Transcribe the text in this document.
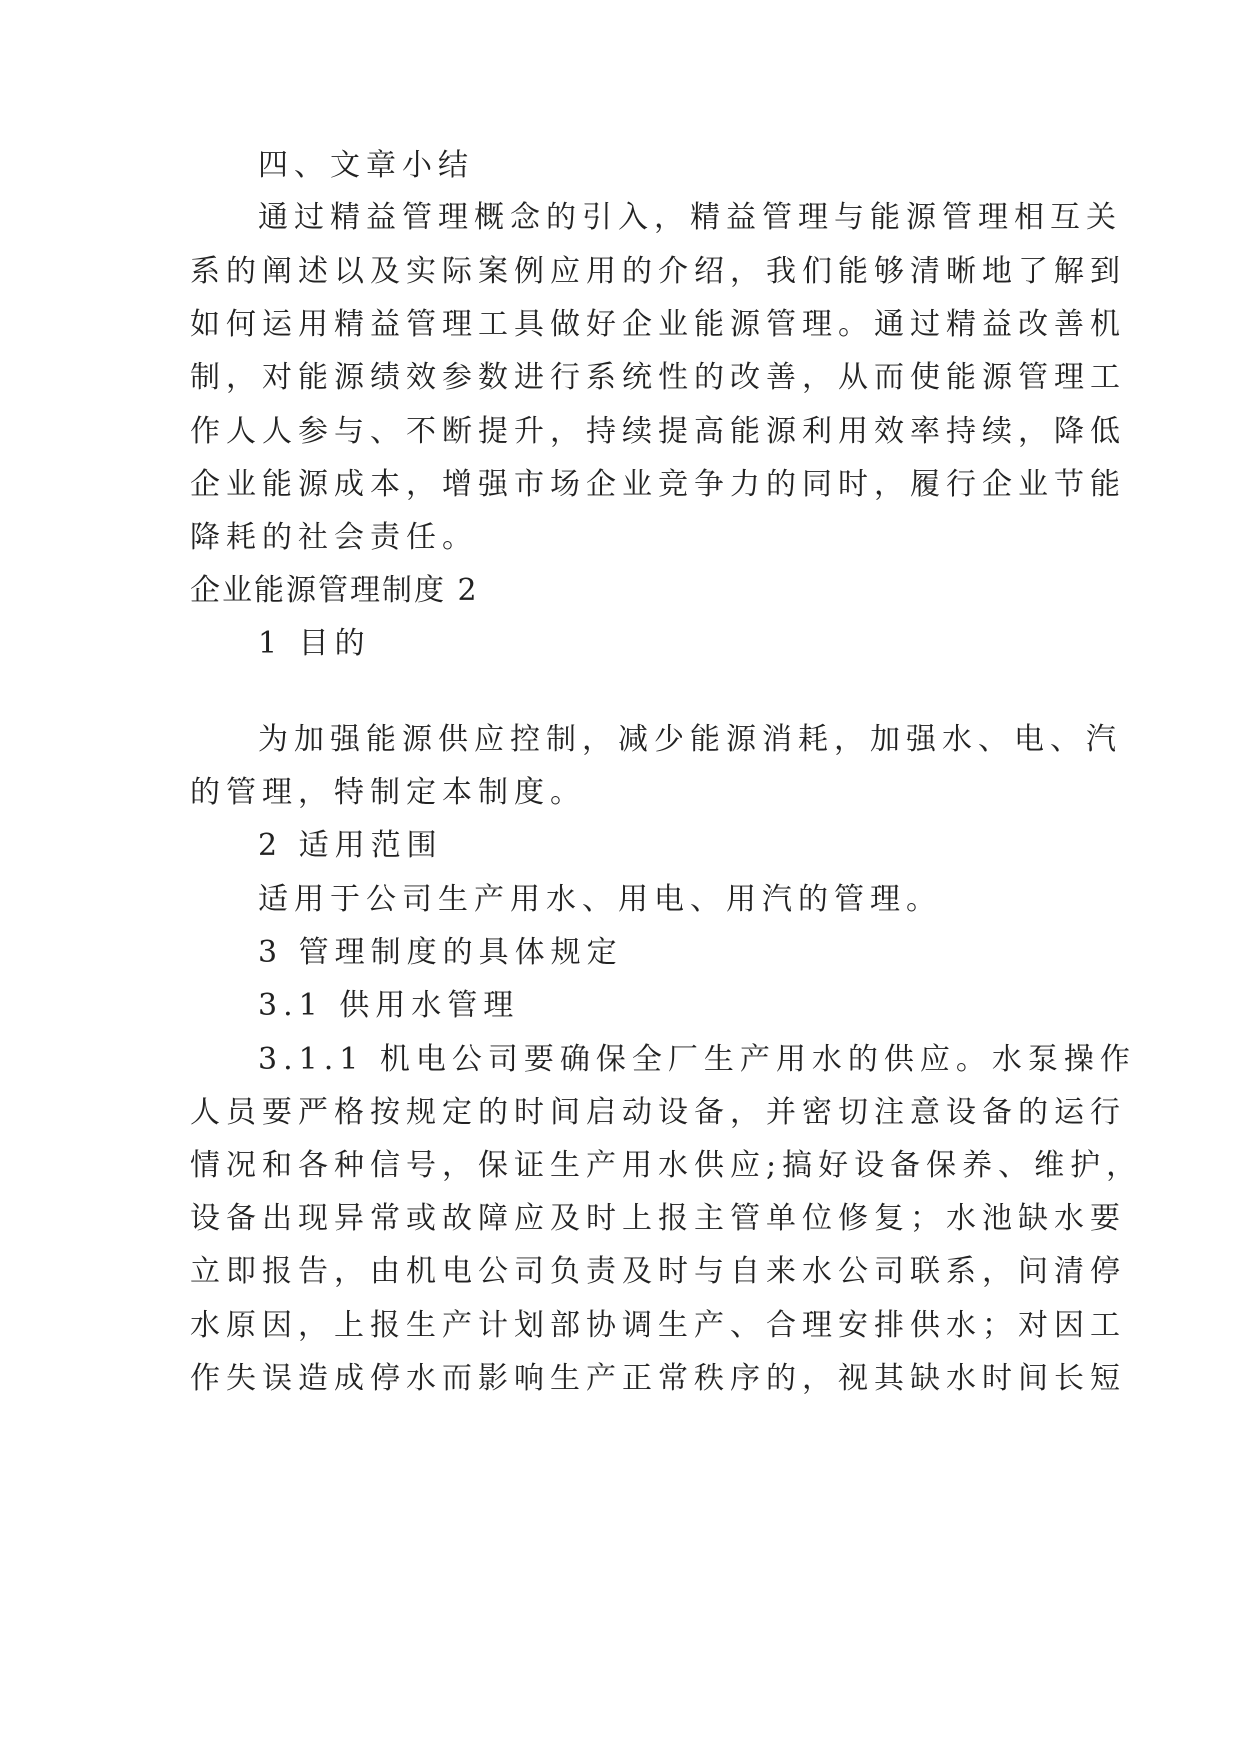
四、文章小结
通过精益管理概念的引入，精益管理与能源管理相互关
系的阐述以及实际案例应用的介绍，我们能够清晰地了解到
如何运用精益管理工具做好企业能源管理。通过精益改善机
制，对能源绩效参数进行系统性的改善，从而使能源管理工
作人人参与、不断提升，持续提高能源利用效率持续，降低
企业能源成本，增强市场企业竞争力的同时，履行企业节能
降耗的社会责任。
企业能源管理制度 2
1 目的
为加强能源供应控制，减少能源消耗，加强水、电、汽
的管理，特制定本制度。
2 适用范围
适用于公司生产用水、用电、用汽的管理。
3 管理制度的具体规定
3.1 供用水管理
3.1.1 机电公司要确保全厂生产用水的供应。水泵操作
人员要严格按规定的时间启动设备，并密切注意设备的运行
情况和各种信号，保证生产用水供应;搞好设备保养、维护，
设备出现异常或故障应及时上报主管单位修复；水池缺水要
立即报告，由机电公司负责及时与自来水公司联系，问清停
水原因，上报生产计划部协调生产、合理安排供水；对因工
作失误造成停水而影响生产正常秩序的，视其缺水时间长短
